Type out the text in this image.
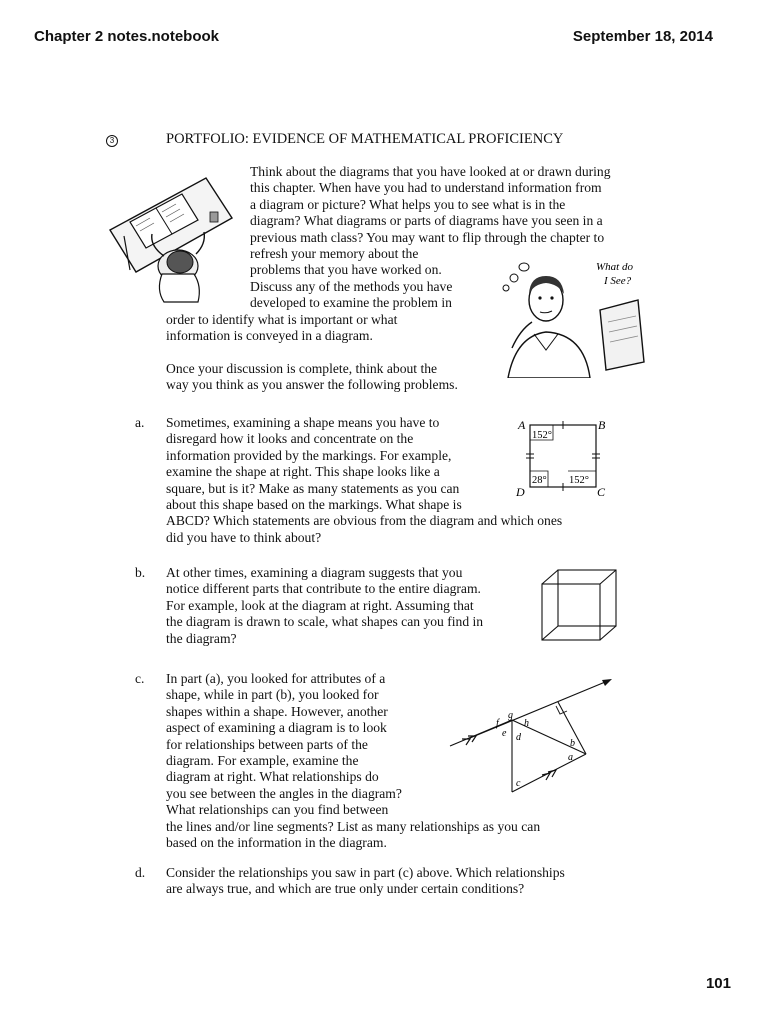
Chapter 2 notes.notebook	September 18, 2014
3	PORTFOLIO: EVIDENCE OF MATHEMATICAL PROFICIENCY
What do
I See?
Think about the diagrams that you have looked at or drawn during
this chapter. When have you had to understand information from
a diagram or picture? What helps you to see what is in the
diagram? What diagrams or parts of diagrams have you seen in a
previous math class? You may want to flip through the chapter to
refresh your memory about the
problems that you have worked on.
Discuss any of the methods you have
developed to examine the problem in
order to identify what is important or what
information is conveyed in a diagram.
Once your discussion is complete, think about the
way you think as you answer the following problems.
a. Sometimes, examining a shape means you have to
disregard how it looks and concentrate on the
information provided by the markings. For example,
examine the shape at right. This shape looks like a
square, but is it? Make as many statements as you can
about this shape based on the markings. What shape is
ABCD? Which statements are obvious from the diagram and which ones
did you have to think about?
A	B
C
D
152°
28° 152°
b. At other times, examining a diagram suggests that you
notice different parts that contribute to the entire diagram.
For example, look at the diagram at right. Assuming that
the diagram is drawn to scale, what shapes can you find in
the diagram?
c. In part (a), you looked for attributes of a
shape, while in part (b), you looked for
shapes within a shape. However, another
aspect of examining a diagram is to look
for relationships between parts of the
diagram. For example, examine the
diagram at right. What relationships do
you see between the angles in the diagram?
What relationships can you find between
the lines and/or line segments? List as many relationships as you can
based on the information in the diagram.
f
g
h
e d
b
a
c
d. Consider the relationships you saw in part (c) above. Which relationships
are always true, and which are true only under certain conditions?
101
